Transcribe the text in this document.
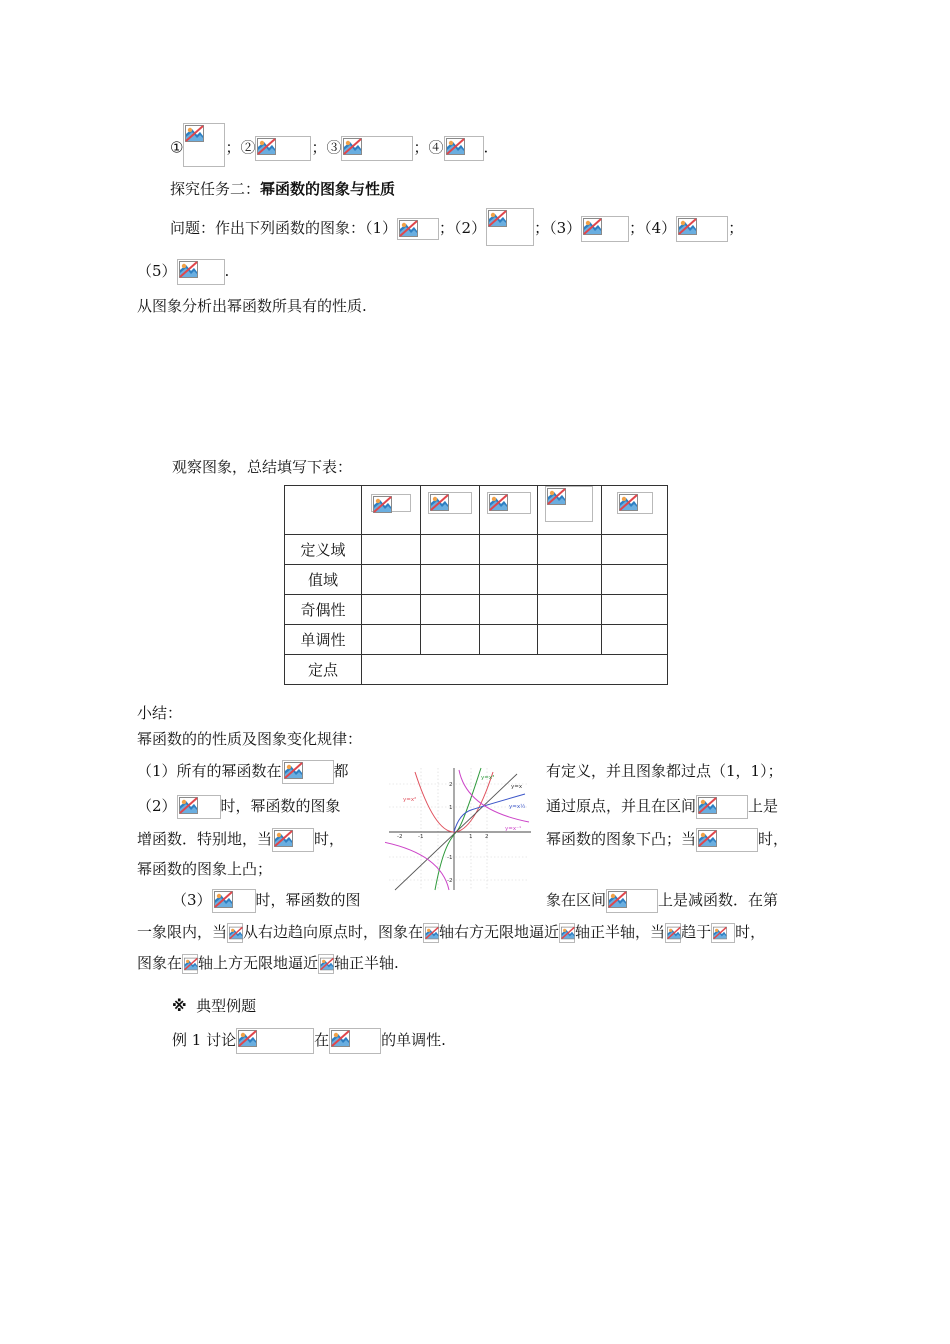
①	；②	；③	；④	.
探究任务二：幂函数的图象与性质
问题：作出下列函数的图象：（1）	；（2）	；（3）	；（4）	；
（5）	.
从图象分析出幂函数所具有的性质.
观察图象，总结填写下表：

定义域					
值域					
奇偶性					
单调性					
定点					
小结：
幂函数的的性质及图象变化规律：
（1）所有的幂函数在	都	有定义，并且图象都过点（1，1）；
（2）	时，幂函数的图象	通过原点，并且在区间	上是
增函数．特别地，当	时，	幂函数的图象下凸；当	时，
幂函数的图象上凸；
（3）	时，幂函数的图	象在区间	上是减函数．在第
一象限内，当 从右边趋向原点时，图象在 轴右方无限地逼近 轴正半轴，当 趋于 时，
图象在 轴上方无限地逼近 轴正半轴.
2
1
-1
-2
-2	-1	1 2
y=x³
y=x²
y=x
y=x½
y=x⁻¹
※ 典型例题
例 1 讨论	在	的单调性.
